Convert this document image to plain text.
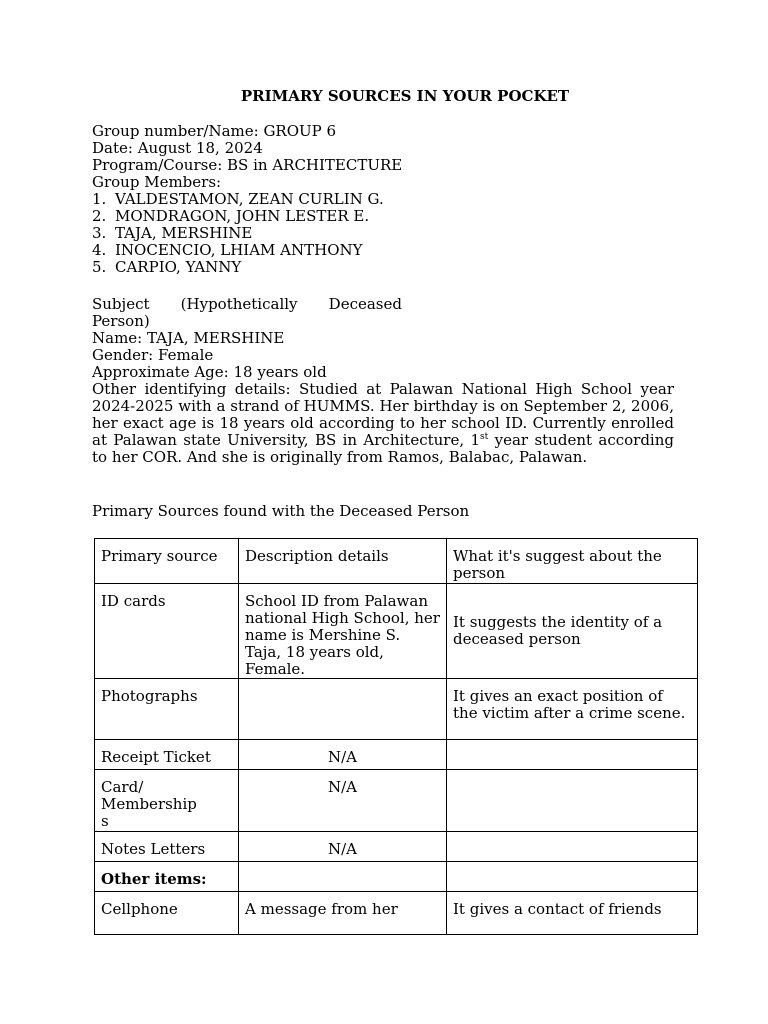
PRIMARY SOURCES IN YOUR POCKET
Group number/Name: GROUP 6
Date: August 18, 2024
Program/Course: BS in ARCHITECTURE
Group Members:
1. VALDESTAMON, ZEAN CURLIN G.
2. MONDRAGON, JOHN LESTER E.
3. TAJA, MERSHINE
4. INOCENCIO, LHIAM ANTHONY
5. CARPIO, YANNY
Subject (Hypothetically Deceased
Person)
Name: TAJA, MERSHINE
Gender: Female
Approximate Age: 18 years old
Other identifying details: Studied at Palawan National High School year 2024-2025 with a strand of HUMMS. Her birthday is on September 2, 2006, her exact age is 18 years old according to her school ID. Currently enrolled at Palawan state University, BS in Architecture, 1st year student according to her COR. And she is originally from Ramos, Balabac, Palawan.
Primary Sources found with the Deceased Person
Primary source	Description details	What it's suggest about the person
ID cards	School ID from Palawan national High School, her name is Mershine S. Taja, 18 years old, Female.	It suggests the identity of a deceased person
Photographs		It gives an exact position of the victim after a crime scene.
Receipt Ticket	N/A	
Card/
Membership
s	N/A	
Notes Letters	N/A	
Other items:		
Cellphone	A message from her	It gives a contact of friends
